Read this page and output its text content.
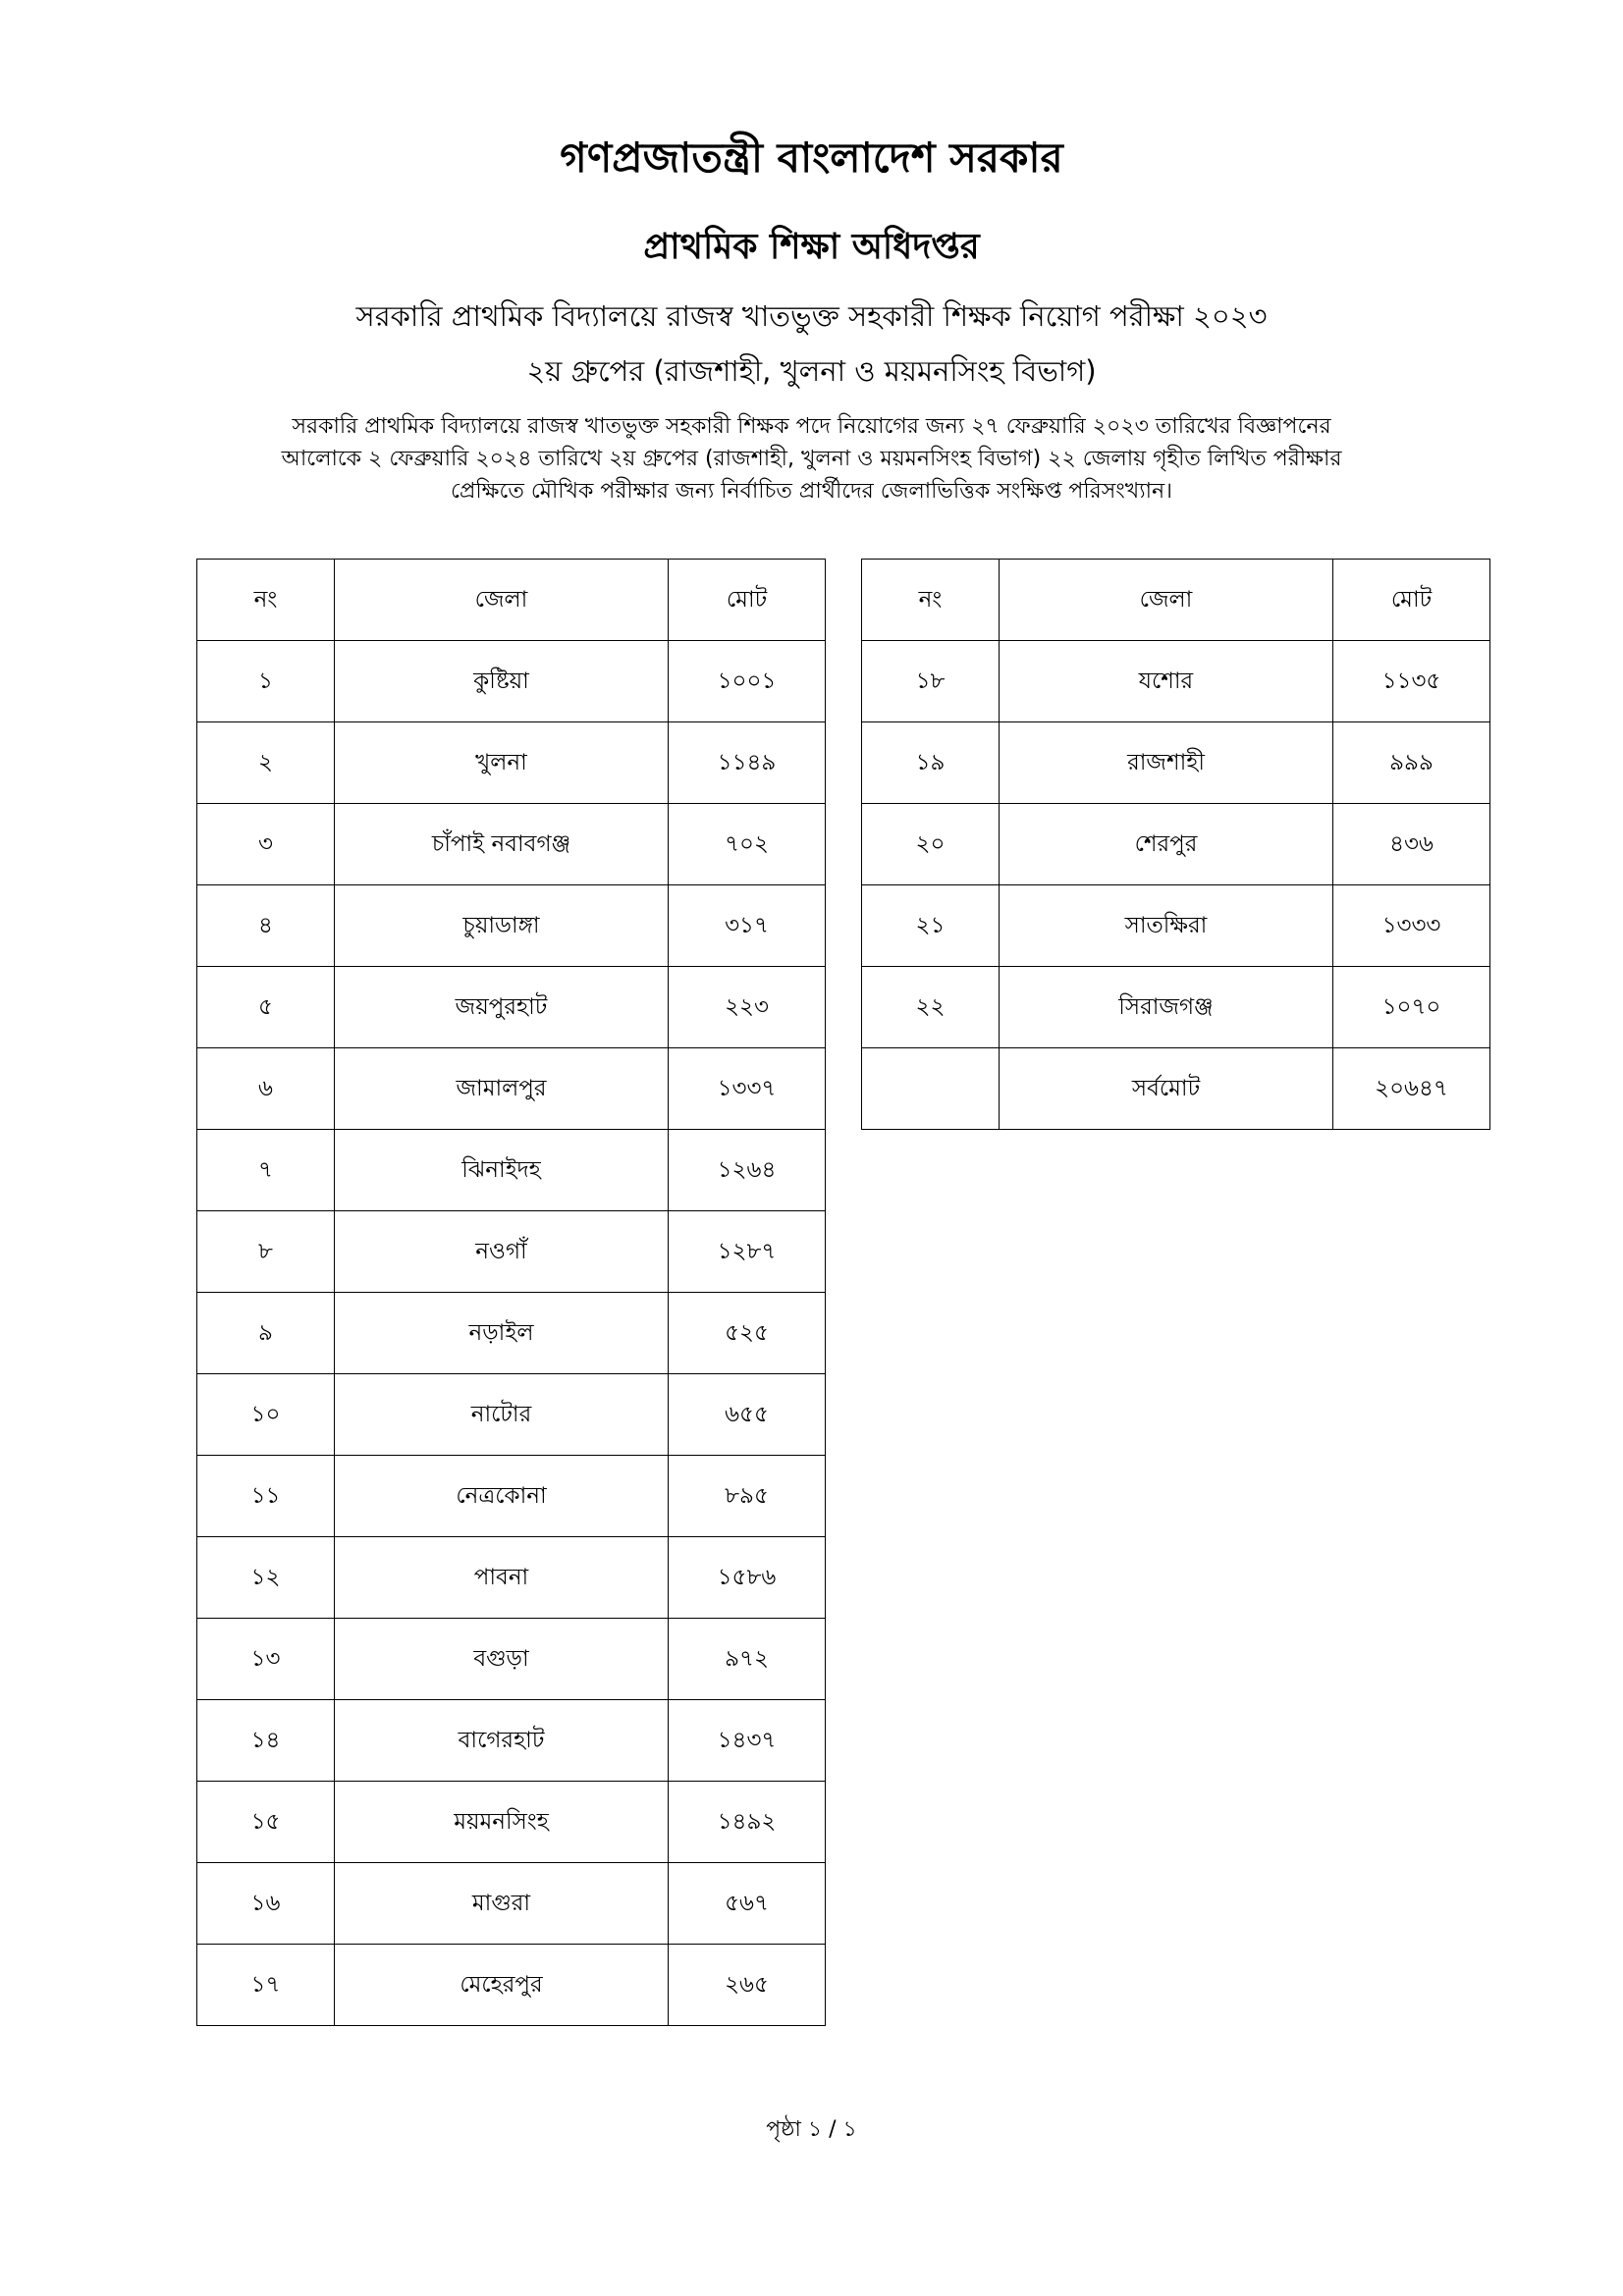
গণপ্রজাতন্ত্রী বাংলাদেশ সরকার
প্রাথমিক শিক্ষা অধিদপ্তর
সরকারি প্রাথমিক বিদ্যালয়ে রাজস্ব খাতভুক্ত সহকারী শিক্ষক নিয়োগ পরীক্ষা ২০২৩
২য় গ্রুপের (রাজশাহী, খুলনা ও ময়মনসিংহ বিভাগ)
সরকারি প্রাথমিক বিদ্যালয়ে রাজস্ব খাতভুক্ত সহকারী শিক্ষক পদে নিয়োগের জন্য ২৭ ফেব্রুয়ারি ২০২৩ তারিখের বিজ্ঞাপনের
আলোকে ২ ফেব্রুয়ারি ২০২৪ তারিখে ২য় গ্রুপের (রাজশাহী, খুলনা ও ময়মনসিংহ বিভাগ) ২২ জেলায় গৃহীত লিখিত পরীক্ষার
প্রেক্ষিতে মৌখিক পরীক্ষার জন্য নির্বাচিত প্রার্থীদের জেলাভিত্তিক সংক্ষিপ্ত পরিসংখ্যান।
নং	জেলা	মোট
১	কুষ্টিয়া	১০০১
২	খুলনা	১১৪৯
৩	চাঁপাই নবাবগঞ্জ	৭০২
৪	চুয়াডাঙ্গা	৩১৭
৫	জয়পুরহাট	২২৩
৬	জামালপুর	১৩৩৭
৭	ঝিনাইদহ	১২৬৪
৮	নওগাঁ	১২৮৭
৯	নড়াইল	৫২৫
১০	নাটোর	৬৫৫
১১	নেত্রকোনা	৮৯৫
১২	পাবনা	১৫৮৬
১৩	বগুড়া	৯৭২
১৪	বাগেরহাট	১৪৩৭
১৫	ময়মনসিংহ	১৪৯২
১৬	মাগুরা	৫৬৭
১৭	মেহেরপুর	২৬৫
নং	জেলা	মোট
১৮	যশোর	১১৩৫
১৯	রাজশাহী	৯৯৯
২০	শেরপুর	৪৩৬
২১	সাতক্ষিরা	১৩৩৩
২২	সিরাজগঞ্জ	১০৭০
	সর্বমোট	২০৬৪৭
পৃষ্ঠা ১ / ১
